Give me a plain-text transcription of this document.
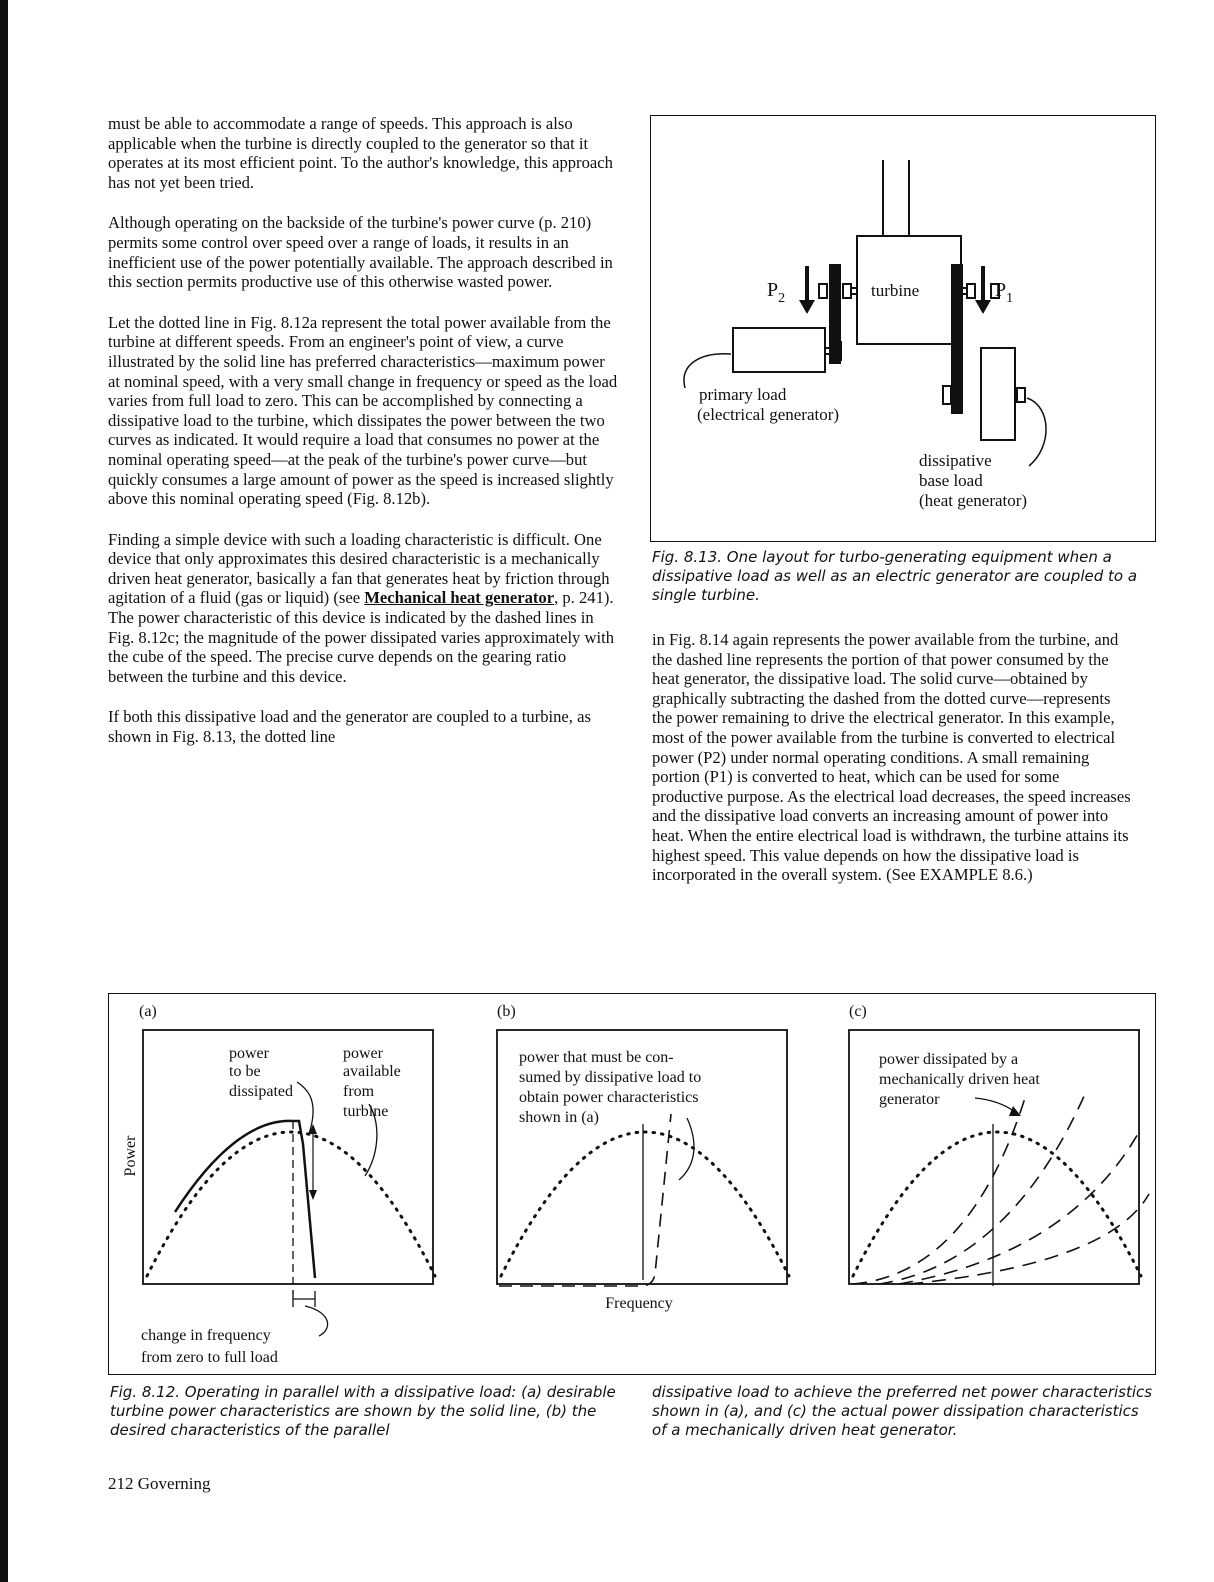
must be able to accommodate a range of speeds. This approach is also applicable when the turbine is directly coupled to the generator so that it operates at its most efficient point. To the author's knowledge, this approach has not yet been tried.

Although operating on the backside of the turbine's power curve (p. 210) permits some control over speed over a range of loads, it results in an inefficient use of the power potentially available. The approach described in this section permits productive use of this otherwise wasted power.

Let the dotted line in Fig. 8.12a represent the total power available from the turbine at different speeds. From an engineer's point of view, a curve illustrated by the solid line has preferred characteristics—maximum power at nominal speed, with a very small change in frequency or speed as the load varies from full load to zero. This can be accomplished by connecting a dissipative load to the turbine, which dissipates the power between the two curves as indicated. It would require a load that consumes no power at the nominal operating speed—at the peak of the turbine's power curve—but quickly consumes a large amount of power as the speed is increased slightly above this nominal operating speed (Fig. 8.12b).

Finding a simple device with such a loading characteristic is difficult. One device that only approximates this desired characteristic is a mechanically driven heat generator, basically a fan that generates heat by friction through agitation of a fluid (gas or liquid) (see Mechanical heat generator, p. 241). The power characteristic of this device is indicated by the dashed lines in Fig. 8.12c; the magnitude of the power dissipated varies approximately with the cube of the speed. The precise curve depends on the gearing ratio between the turbine and this device.

If both this dissipative load and the generator are coupled to a turbine, as shown in Fig. 8.13, the dotted line

turbine
$P_2$	$P_1$
primary load
(electrical generator)
dissipative
base load
(heat generator)
Fig. 8.13. One layout for turbo-generating equipment when a dissipative load as well as an electric generator are coupled to a single turbine.

in Fig. 8.14 again represents the power available from the turbine, and the dashed line represents the portion of that power consumed by the heat generator, the dissipative load. The solid curve—obtained by graphically subtracting the dashed from the dotted curve—represents the power remaining to drive the electrical generator. In this example, most of the power available from the turbine is converted to electrical power (P2) under normal operating conditions. A small remaining portion (P1) is converted to heat, which can be used for some productive purpose. As the electrical load decreases, the speed increases and the dissipative load converts an increasing amount of power into heat. When the entire electrical load is withdrawn, the turbine attains its highest speed. This value depends on how the dissipative load is incorporated in the overall system. (See EXAMPLE 8.6.)

(a)	(b)	(c)
Power
Frequency
power
to be
dissipated
power
available
from
turbine
change in frequency
from zero to full load
power that must be con-
sumed by dissipative load to
obtain power characteristics
shown in (a)
power dissipated by a
mechanically driven heat
generator
Fig. 8.12. Operating in parallel with a dissipative load: (a) desirable turbine power characteristics are shown by the solid line, (b) the desired characteristics of the parallel
dissipative load to achieve the preferred net power characteristics shown in (a), and (c) the actual power dissipation characteristics of a mechanically driven heat generator.
212 Governing
